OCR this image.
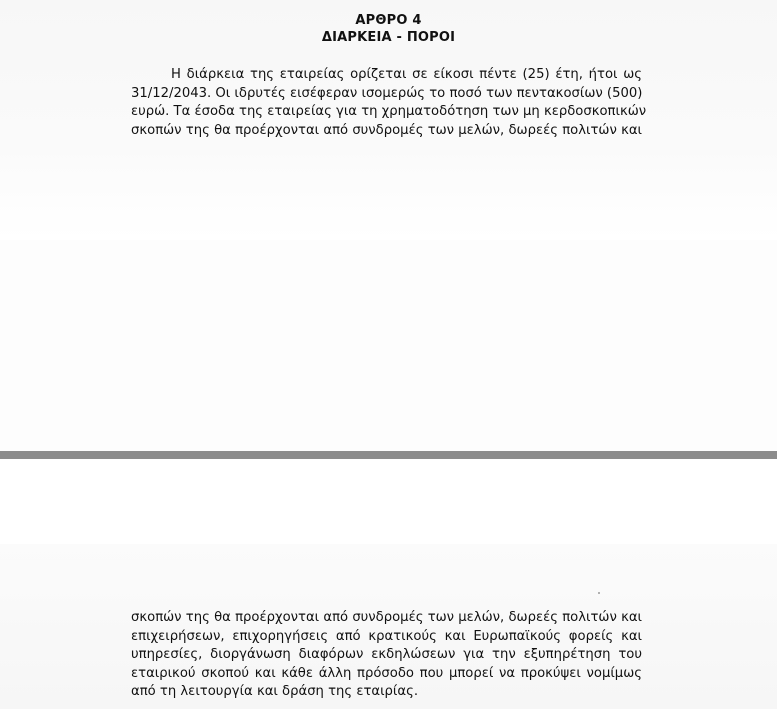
ΑΡΘΡΟ 4
ΔΙΑΡΚΕΙΑ - ΠΟΡΟΙ
Η διάρκεια της εταιρείας ορίζεται σε είκοσι πέντε (25) έτη, ήτοι ως
31/12/2043. Οι ιδρυτές εισέφεραν ισομερώς το ποσό των πεντακοσίων (500)
ευρώ. Τα έσοδα της εταιρείας για τη χρηματοδότηση των μη κερδοσκοπικών
σκοπών της θα προέρχονται από συνδρομές των μελών, δωρεές πολιτών και
σκοπών της θα προέρχονται από συνδρομές των μελών, δωρεές πολιτών και
επιχειρήσεων, επιχορηγήσεις από κρατικούς και Ευρωπαϊκούς φορείς και
υπηρεσίες, διοργάνωση διαφόρων εκδηλώσεων για την εξυπηρέτηση του
εταιρικού σκοπού και κάθε άλλη πρόσοδο που μπορεί να προκύψει νομίμως
από τη λειτουργία και δράση της εταιρίας.
